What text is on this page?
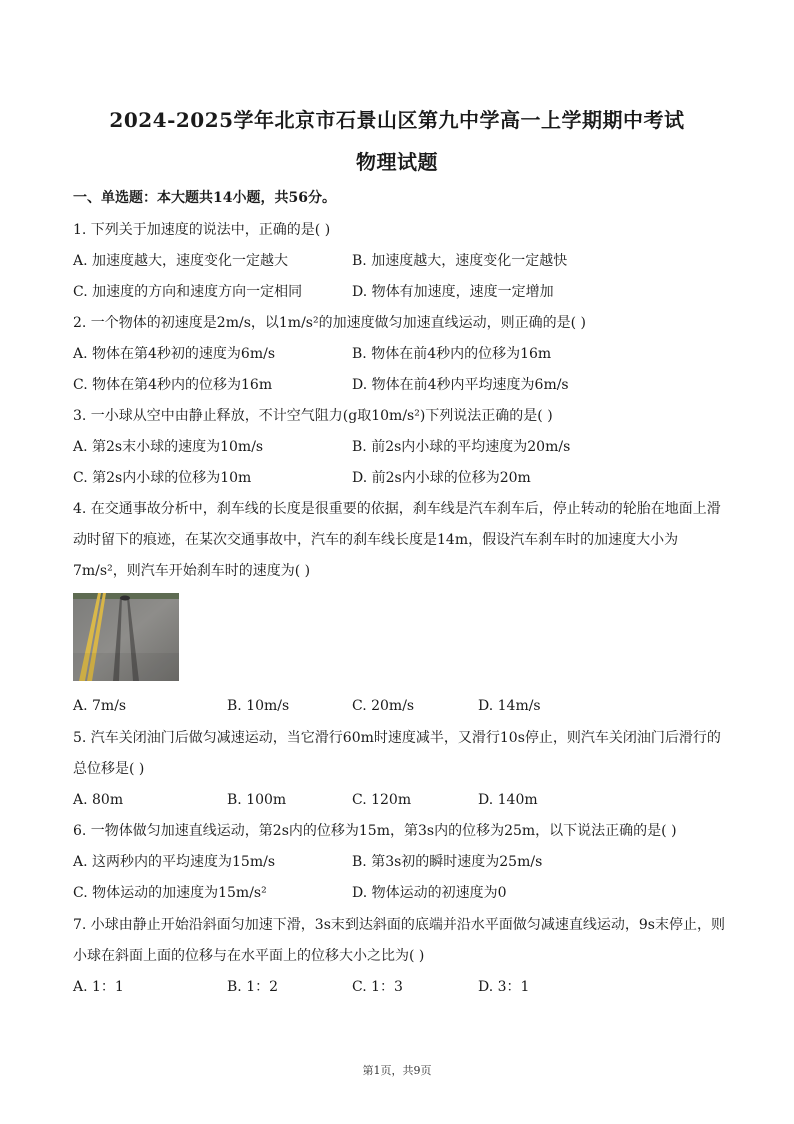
2024-2025学年北京市石景山区第九中学高一上学期期中考试
物理试题
一、单选题：本大题共14小题，共56分。
1. 下列关于加速度的说法中，正确的是( )
A. 加速度越大，速度变化一定越大	B. 加速度越大，速度变化一定越快
C. 加速度的方向和速度方向一定相同	D. 物体有加速度，速度一定增加
2. 一个物体的初速度是2m/s，以1m/s²的加速度做匀加速直线运动，则正确的是( )
A. 物体在第4秒初的速度为6m/s	B. 物体在前4秒内的位移为16m
C. 物体在第4秒内的位移为16m	D. 物体在前4秒内平均速度为6m/s
3. 一小球从空中由静止释放，不计空气阻力(g取10m/s²)下列说法正确的是( )
A. 第2s末小球的速度为10m/s	B. 前2s内小球的平均速度为20m/s
C. 第2s内小球的位移为10m	D. 前2s内小球的位移为20m
4. 在交通事故分析中，刹车线的长度是很重要的依据，刹车线是汽车刹车后，停止转动的轮胎在地面上滑
动时留下的痕迹，在某次交通事故中，汽车的刹车线长度是14m，假设汽车刹车时的加速度大小为
7m/s²，则汽车开始刹车时的速度为( )
A. 7m/s	B. 10m/s	C. 20m/s	D. 14m/s
5. 汽车关闭油门后做匀减速运动，当它滑行60m时速度减半，又滑行10s停止，则汽车关闭油门后滑行的
总位移是( )
A. 80m	B. 100m	C. 120m	D. 140m
6. 一物体做匀加速直线运动，第2s内的位移为15m，第3s内的位移为25m，以下说法正确的是( )
A. 这两秒内的平均速度为15m/s	B. 第3s初的瞬时速度为25m/s
C. 物体运动的加速度为15m/s²	D. 物体运动的初速度为0
7. 小球由静止开始沿斜面匀加速下滑，3s末到达斜面的底端并沿水平面做匀减速直线运动，9s末停止，则
小球在斜面上面的位移与在水平面上的位移大小之比为( )
A. 1：1	B. 1：2	C. 1：3	D. 3：1
第1页，共9页
